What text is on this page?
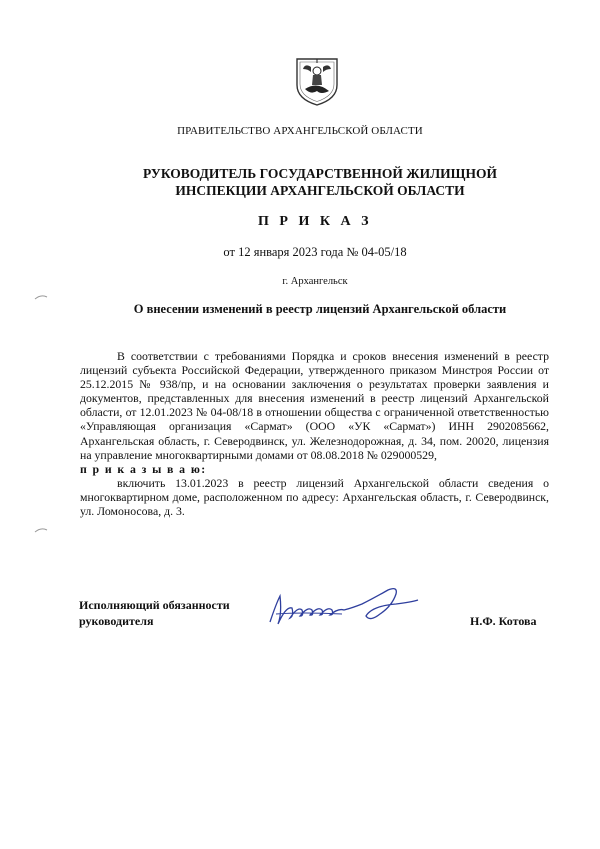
ПРАВИТЕЛЬСТВО АРХАНГЕЛЬСКОЙ ОБЛАСТИ
РУКОВОДИТЕЛЬ ГОСУДАРСТВЕННОЙ ЖИЛИЩНОЙ
ИНСПЕКЦИИ АРХАНГЕЛЬСКОЙ ОБЛАСТИ
П Р И К А З
от 12 января 2023 года № 04-05/18
г. Архангельск
О внесении изменений в реестр лицензий Архангельской области

В соответствии с требованиями Порядка и сроков внесения изменений в реестр лицензий субъекта Российской Федерации, утвержденного приказом Минстроя России от 25.12.2015 № 938/пр, и на основании заключения о результатах проверки заявления и документов, представленных для внесения изменений в реестр лицензий Архангельской области, от 12.01.2023 № 04-08/18 в отношении общества с ограниченной ответственностью «Управляющая организация «Сармат» (ООО «УК «Сармат») ИНН 2902085662, Архангельская область, г. Северодвинск, ул. Железнодорожная, д. 34, пом. 20020, лицензия на управление многоквартирными домами от 08.08.2018 № 029000529,

п р и к а з ы в а ю:

включить 13.01.2023 в реестр лицензий Архангельской области сведения о многоквартирном доме, расположенном по адресу: Архангельская область, г. Северодвинск, ул. Ломоносова, д. 3.

Исполняющий обязанности
руководителя	Н.Ф. Котова
